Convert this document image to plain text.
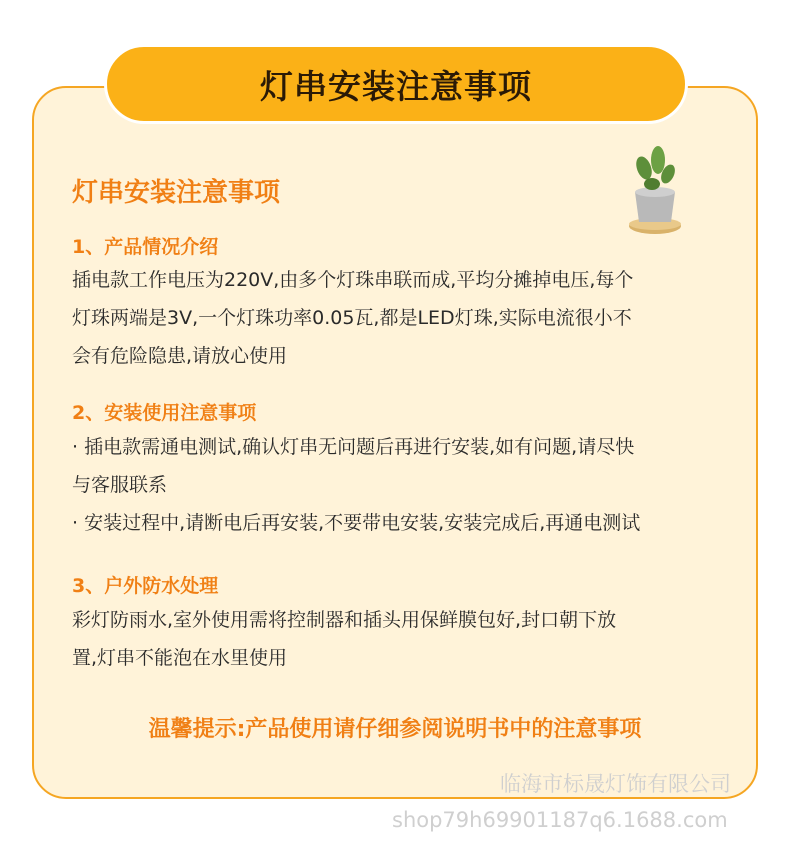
灯串安装注意事项
灯串安装注意事项
1、产品情况介绍
插电款工作电压为220V,由多个灯珠串联而成,平均分摊掉电压,每个
灯珠两端是3V,一个灯珠功率0.05瓦,都是LED灯珠,实际电流很小不
会有危险隐患,请放心使用
2、安装使用注意事项
· 插电款需通电测试,确认灯串无问题后再进行安装,如有问题,请尽快
与客服联系
· 安装过程中,请断电后再安装,不要带电安装,安装完成后,再通电测试
3、户外防水处理
彩灯防雨水,室外使用需将控制器和插头用保鲜膜包好,封口朝下放
置,灯串不能泡在水里使用
温馨提示:产品使用请仔细参阅说明书中的注意事项
临海市标晟灯饰有限公司
shop79h69901187q6.1688.com
